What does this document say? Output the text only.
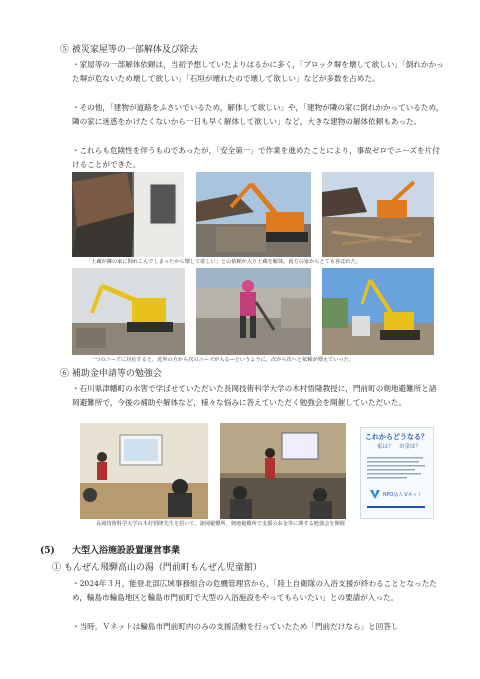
⑤ 被災家屋等の一部解体及び除去
・家屋等の一部解体依頼は，当初予想していたよりはるかに多く，「ブロック塀を壊して欲しい」「倒れかかった塀が危ないため壊して欲しい」「石垣が壊れたので壊して欲しい」などが多数を占めた。
・その他，「建物が道路をふさいでいるため，解体して欲しい」や，「建物が隣の家に倒れかかっているため，隣の家に迷惑をかけたくないから一日も早く解体して欲しい」など，大きな建物の解体依頼もあった。
・これらも危険性を伴うものであったが，「安全第一」で作業を進めたことにより，事故ゼロでニーズを片付けることができた。
「土蔵が隣の家に倒れこんでしまったから壊して欲しい」との依頼が入り土蔵を解体。両方の家からとても喜ばれた。
一つのニーズに対応すると，近所の方から次のニーズが入る―というように，次から次へと依頼が増えていった。
⑥ 補助金申請等の勉強会
・石川県津幡町の水害で学ばせていただいた長岡技術科学大学の木村悟隆教授に，門前町の剣地避難所と諸岡避難所で，今後の補助や解体など，様々な悩みに答えていただく勉強会を開催していただいた。
これからどうなる？
家は？　お金は？
NPO法人 Vネット
長岡技術科学大学の木村悟隆先生を招いて，諸岡避難所，剣地避難所で支援のお金等に関する勉強会を開催
(5) 大型入浴施設設置運営事業
① もんぜん飛騨高山の湯（門前町もんぜん児童館）
・2024年３月，能登北部広域事務組合の危機管理官から，「陸上自衛隊の入浴支援が終わることとなったため，輪島市輪島地区と輪島市門前町で大型の入浴施設をやってもらいたい」との要請が入った。
・当時，Ｖネットは輪島市門前町内のみの支援活動を行っていたため「門前だけなら」と回答し
